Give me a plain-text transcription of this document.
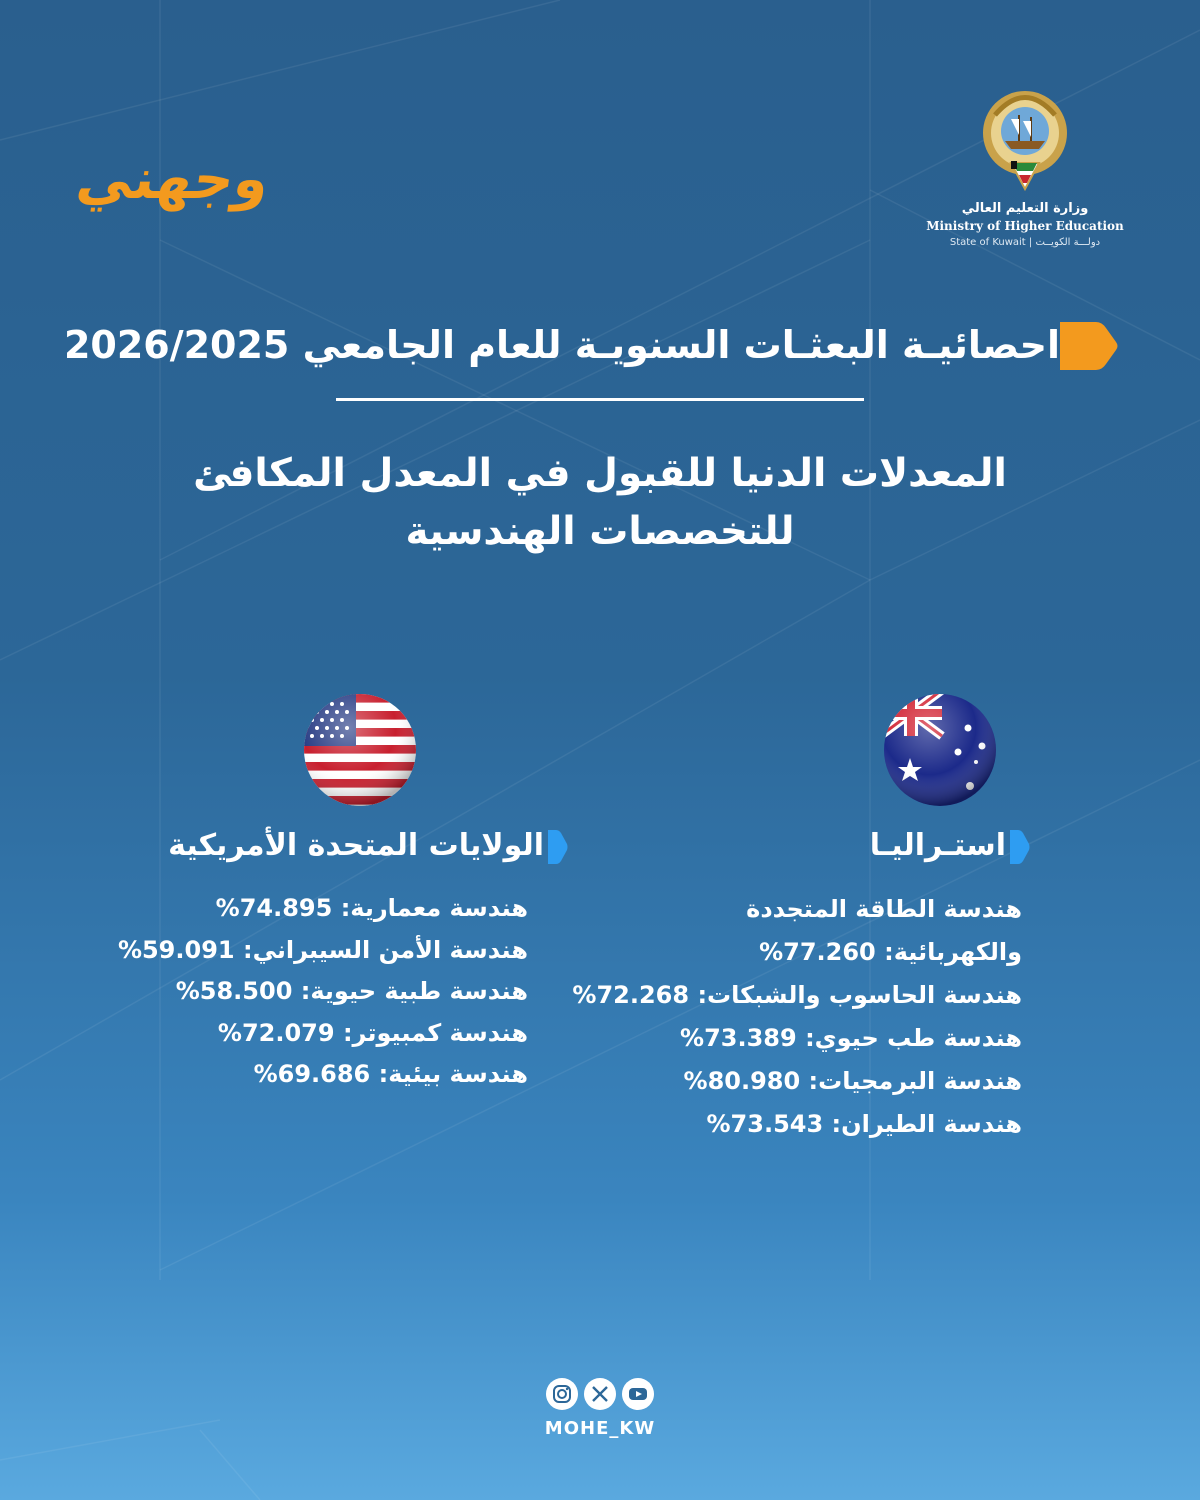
وجهني	وزارة التعليم العالي
Ministry of Higher Education
State of Kuwait | دولـــة الكويــت
احصائيـة البعثـات السنويـة للعام الجامعي 2026/2025
المعدلات الدنيا للقبول في المعدل المكافئ
للتخصصات الهندسية
استـراليـا
هندسة الطاقة المتجددة
والكهربائية: 77.260%
هندسة الحاسوب والشبكات: 72.268%
هندسة طب حيوي: 73.389%
هندسة البرمجيات: 80.980%
هندسة الطيران: 73.543%
الولايات المتحدة الأمريكية
هندسة معمارية: 74.895%
هندسة الأمن السيبراني: 59.091%
هندسة طبية حيوية: 58.500%
هندسة كمبيوتر: 72.079%
هندسة بيئية: 69.686%
MOHE_KW
